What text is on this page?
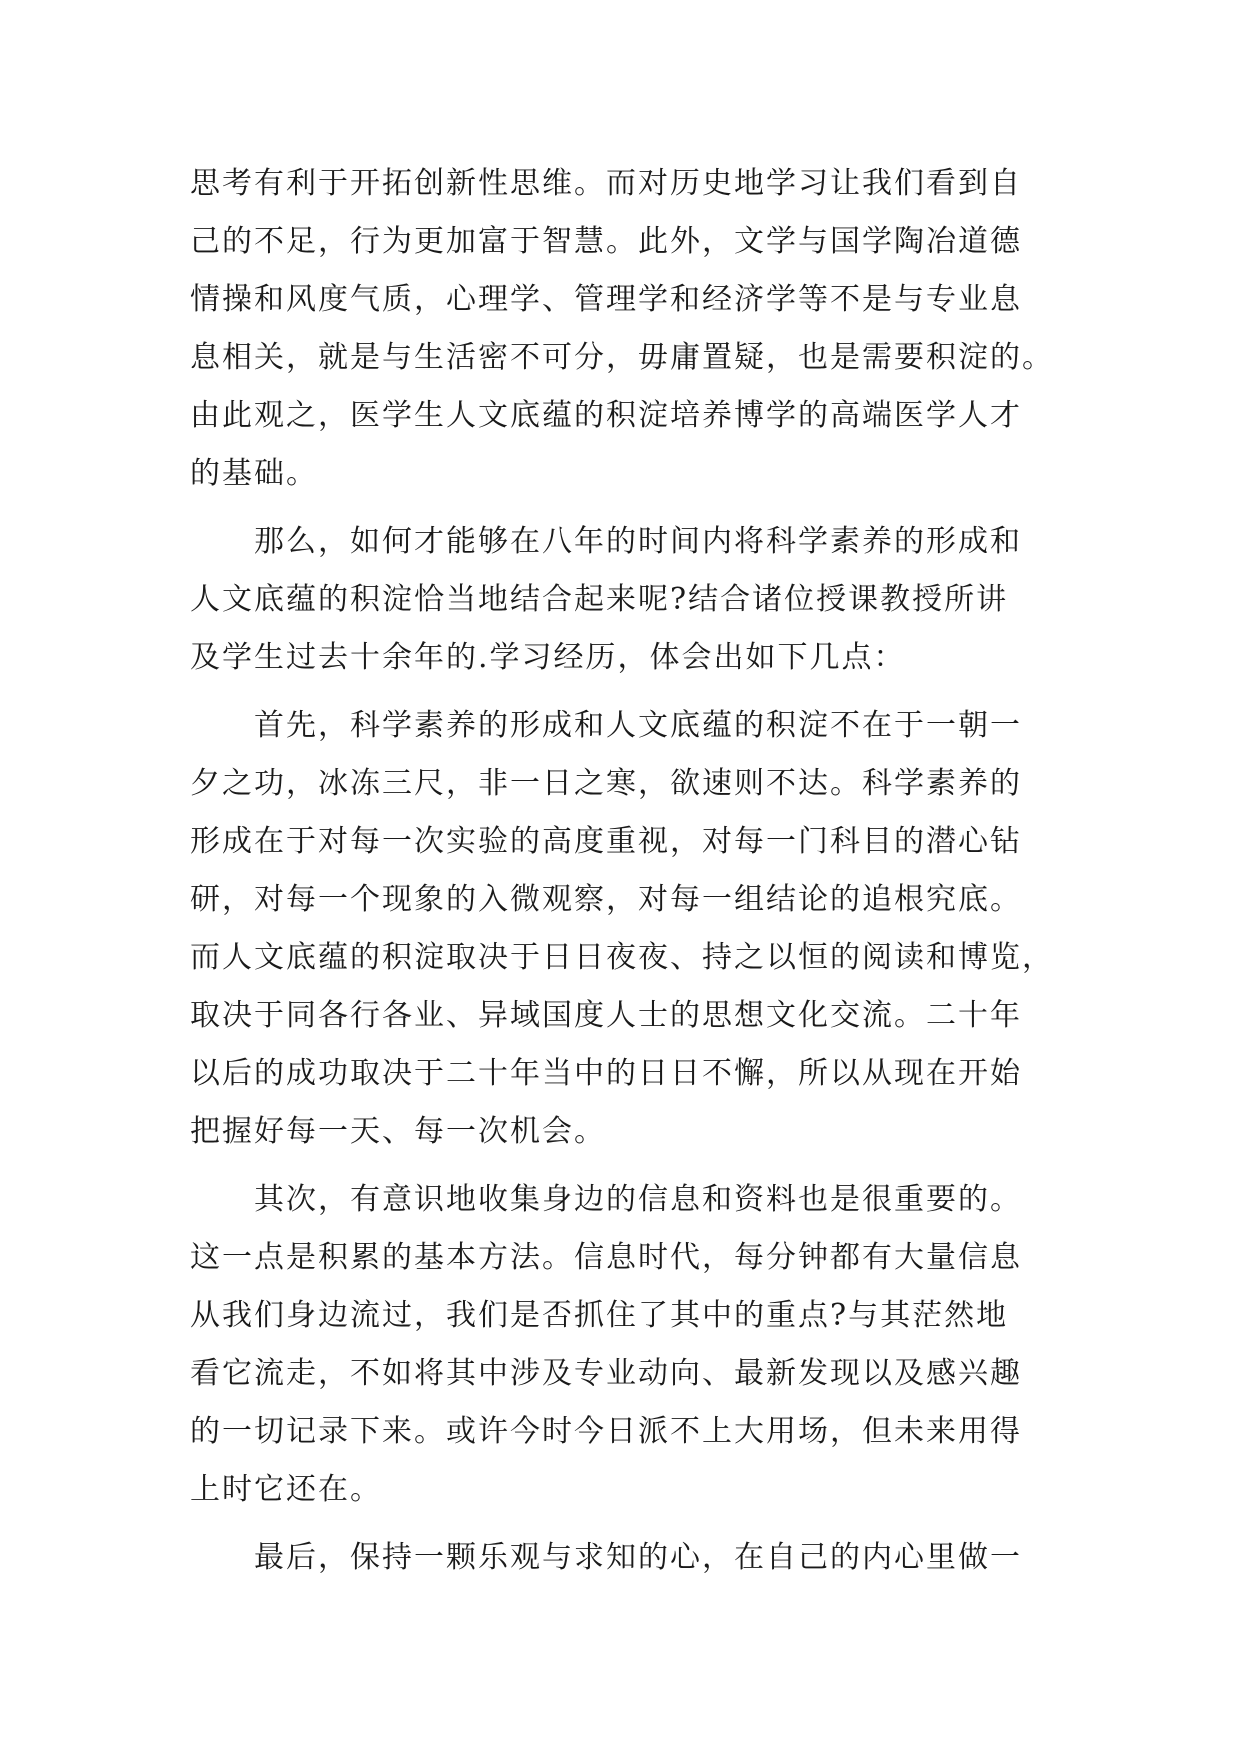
思考有利于开拓创新性思维。而对历史地学习让我们看到自

己的不足，行为更加富于智慧。此外，文学与国学陶冶道德

情操和风度气质，心理学、管理学和经济学等不是与专业息

息相关，就是与生活密不可分，毋庸置疑，也是需要积淀的。

由此观之，医学生人文底蕴的积淀培养博学的高端医学人才

的基础。

　　那么，如何才能够在八年的时间内将科学素养的形成和

人文底蕴的积淀恰当地结合起来呢?结合诸位授课教授所讲

及学生过去十余年的.学习经历，体会出如下几点：

　　首先，科学素养的形成和人文底蕴的积淀不在于一朝一

夕之功，冰冻三尺，非一日之寒，欲速则不达。科学素养的

形成在于对每一次实验的高度重视，对每一门科目的潜心钻

研，对每一个现象的入微观察，对每一组结论的追根究底。

而人文底蕴的积淀取决于日日夜夜、持之以恒的阅读和博览，

取决于同各行各业、异域国度人士的思想文化交流。二十年

以后的成功取决于二十年当中的日日不懈，所以从现在开始

把握好每一天、每一次机会。

　　其次，有意识地收集身边的信息和资料也是很重要的。

这一点是积累的基本方法。信息时代，每分钟都有大量信息

从我们身边流过，我们是否抓住了其中的重点?与其茫然地

看它流走，不如将其中涉及专业动向、最新发现以及感兴趣

的一切记录下来。或许今时今日派不上大用场，但未来用得

上时它还在。

　　最后，保持一颗乐观与求知的心，在自己的内心里做一
